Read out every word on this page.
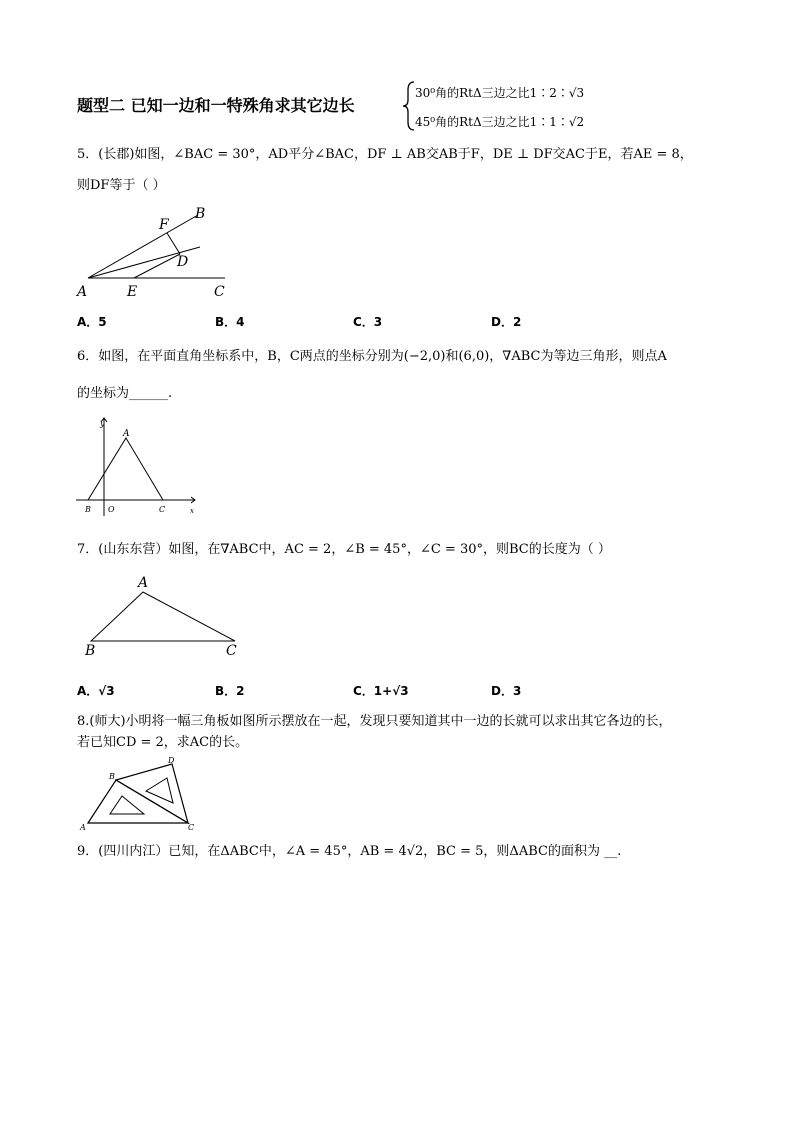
题型二 已知一边和一特殊角求其它边长
30⁰角的RtΔ三边之比1∶2∶√3
45⁰角的RtΔ三边之比1∶1∶√2
5．(长郡)如图，∠BAC = 30°，AD平分∠BAC，DF ⊥ AB交AB于F，DE ⊥ DF交AC于E，若AE = 8，
则DF等于（ ）
F
B
D
A	E	C
A．5	B．4	C．3	D．2
6．如图，在平面直角坐标系中，B，C两点的坐标分别为(−2,0)和(6,0)，∇ABC为等边三角形，则点A
的坐标为______.
y
A
B O	C	x
7．(山东东营）如图，在∇ABC中，AC = 2，∠B = 45°，∠C = 30°，则BC的长度为（ ）
A
B	C
A．√3	B．2	C．1+√3	D．3
8.(师大)小明将一幅三角板如图所示摆放在一起，发现只要知道其中一边的长就可以求出其它各边的长，
若已知CD = 2，求AC的长。
B
D
A	C
9．(四川内江）已知，在ΔABC中，∠A = 45°，AB = 4√2，BC = 5，则ΔABC的面积为 __.
